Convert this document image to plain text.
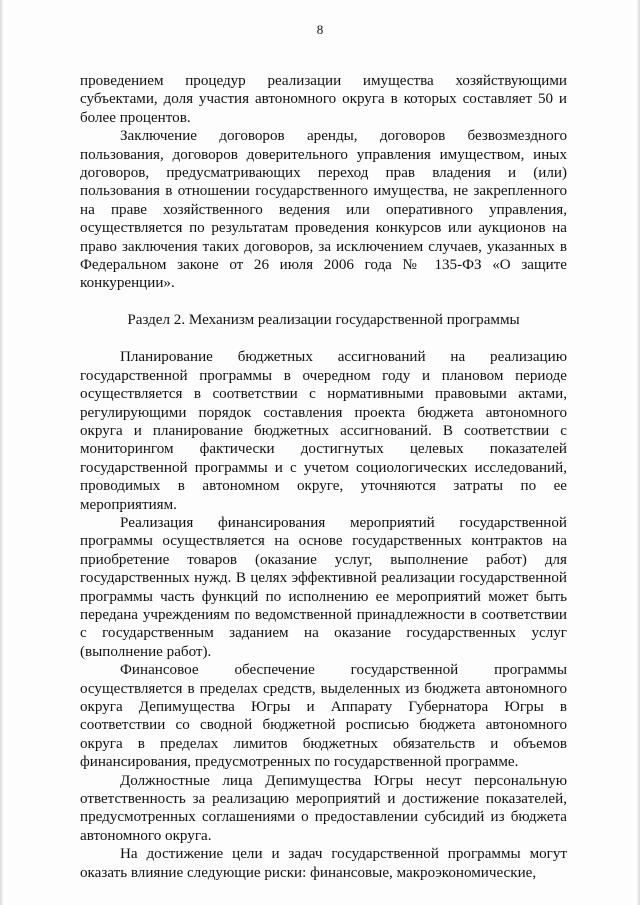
8

проведением процедур реализации имущества хозяйствующими субъектами, доля участия автономного округа в которых составляет 50 и более процентов.

Заключение договоров аренды, договоров безвозмездного пользования, договоров доверительного управления имуществом, иных договоров, предусматривающих переход прав владения и (или) пользования в отношении государственного имущества, не закрепленного на праве хозяйственного ведения или оперативного управления, осуществляется по результатам проведения конкурсов или аукционов на право заключения таких договоров, за исключением случаев, указанных в Федеральном законе от 26 июля 2006 года № 135-ФЗ «О защите конкуренции».

Раздел 2. Механизм реализации государственной программы

Планирование бюджетных ассигнований на реализацию государственной программы в очередном году и плановом периоде осуществляется в соответствии с нормативными правовыми актами, регулирующими порядок составления проекта бюджета автономного округа и планирование бюджетных ассигнований. В соответствии с мониторингом фактически достигнутых целевых показателей государственной программы и с учетом социологических исследований, проводимых в автономном округе, уточняются затраты по ее мероприятиям.

Реализация финансирования мероприятий государственной программы осуществляется на основе государственных контрактов на приобретение товаров (оказание услуг, выполнение работ) для государственных нужд. В целях эффективной реализации государственной программы часть функций по исполнению ее мероприятий может быть передана учреждениям по ведомственной принадлежности в соответствии с государственным заданием на оказание государственных услуг (выполнение работ).

Финансовое обеспечение государственной программы осуществляется в пределах средств, выделенных из бюджета автономного округа Депимущества Югры и Аппарату Губернатора Югры в соответствии со сводной бюджетной росписью бюджета автономного округа в пределах лимитов бюджетных обязательств и объемов финансирования, предусмотренных по государственной программе.

Должностные лица Депимущества Югры несут персональную ответственность за реализацию мероприятий и достижение показателей, предусмотренных соглашениями о предоставлении субсидий из бюджета автономного округа.

На достижение цели и задач государственной программы могут оказать влияние следующие риски: финансовые, макроэкономические,
